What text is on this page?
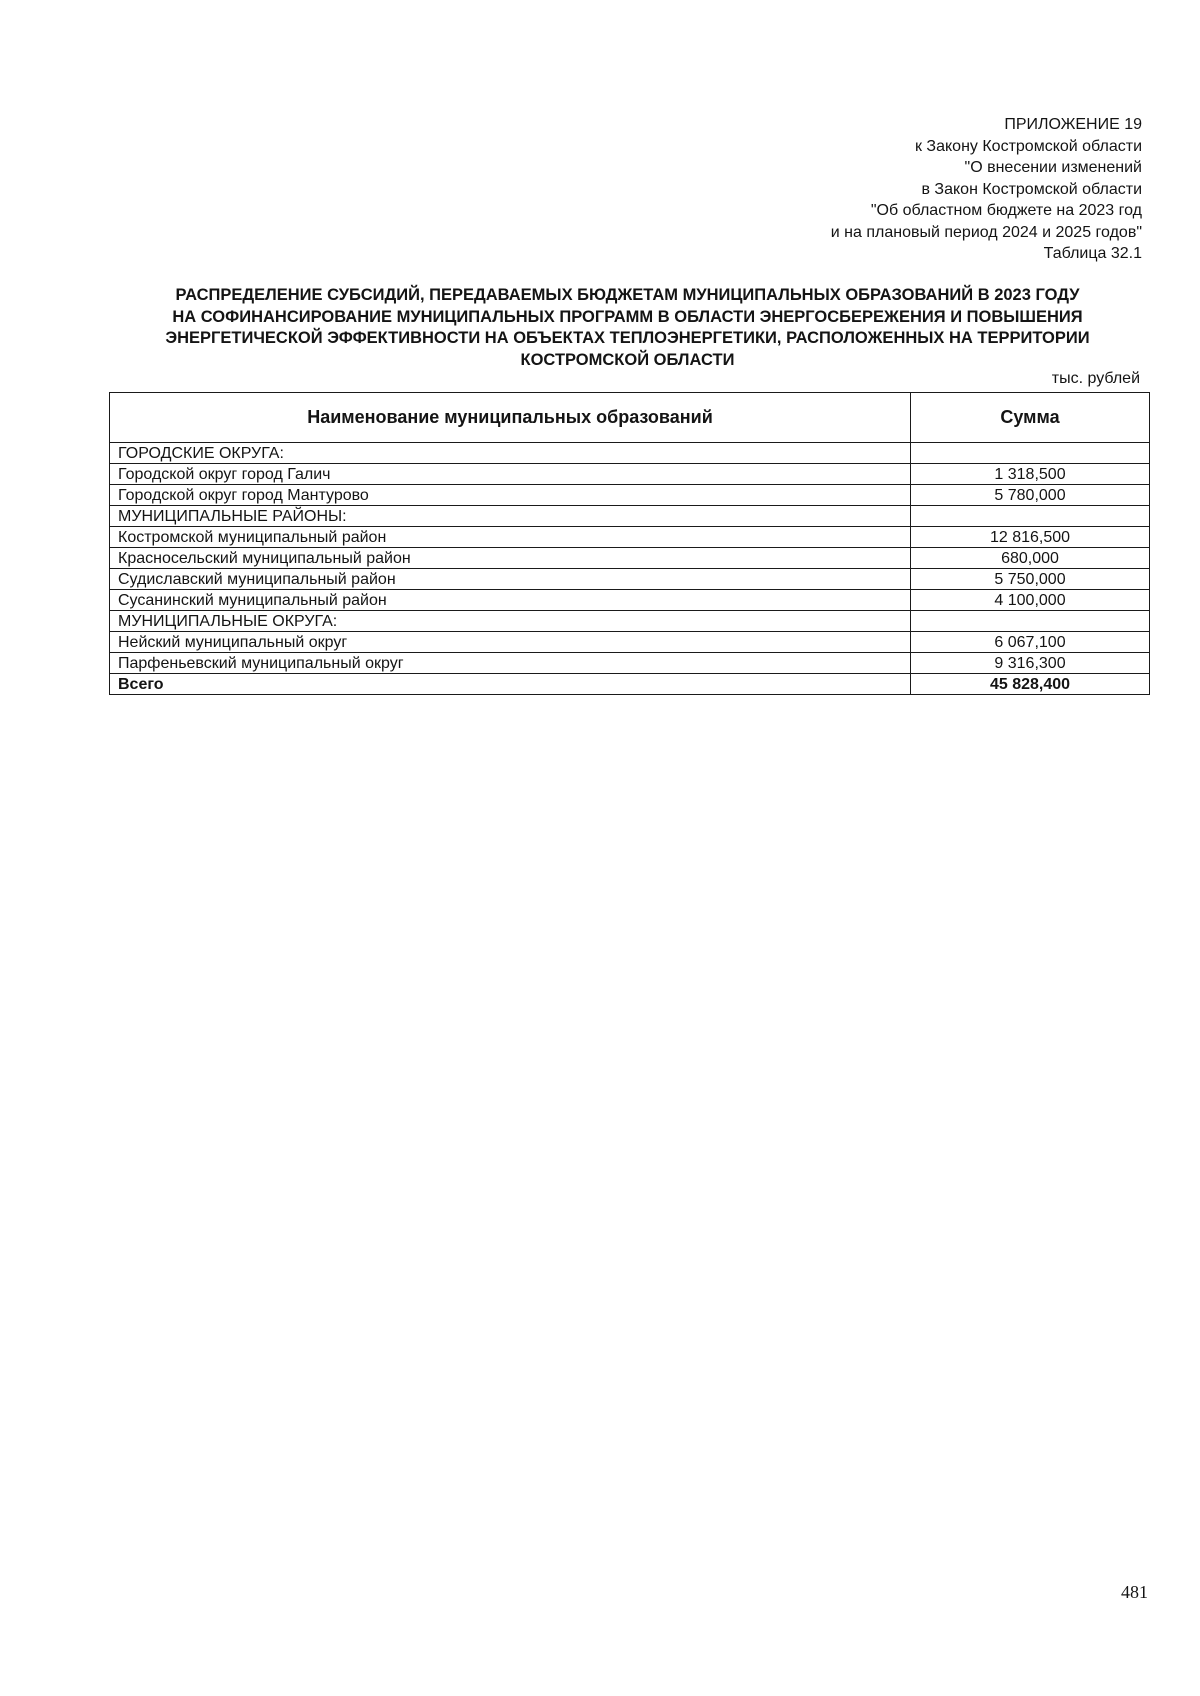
ПРИЛОЖЕНИЕ 19
к Закону Костромской области
"О внесении изменений
в Закон Костромской области
"Об областном бюджете на 2023 год
и на плановый период 2024 и 2025 годов"
Таблица 32.1
РАСПРЕДЕЛЕНИЕ СУБСИДИЙ, ПЕРЕДАВАЕМЫХ БЮДЖЕТАМ МУНИЦИПАЛЬНЫХ ОБРАЗОВАНИЙ В 2023 ГОДУ
НА СОФИНАНСИРОВАНИЕ МУНИЦИПАЛЬНЫХ ПРОГРАММ В ОБЛАСТИ ЭНЕРГОСБЕРЕЖЕНИЯ И ПОВЫШЕНИЯ
ЭНЕРГЕТИЧЕСКОЙ ЭФФЕКТИВНОСТИ НА ОБЪЕКТАХ ТЕПЛОЭНЕРГЕТИКИ, РАСПОЛОЖЕННЫХ НА ТЕРРИТОРИИ
КОСТРОМСКОЙ ОБЛАСТИ
тыс. рублей
Наименование муниципальных образований	Сумма
ГОРОДСКИЕ ОКРУГА:	
Городской округ город Галич	1 318,500
Городской округ город Мантурово	5 780,000
МУНИЦИПАЛЬНЫЕ РАЙОНЫ:	
Костромской муниципальный район	12 816,500
Красносельский муниципальный район	680,000
Судиславский муниципальный район	5 750,000
Сусанинский муниципальный район	4 100,000
МУНИЦИПАЛЬНЫЕ ОКРУГА:	
Нейский муниципальный округ	6 067,100
Парфеньевский муниципальный округ	9 316,300
Всего	45 828,400
481
